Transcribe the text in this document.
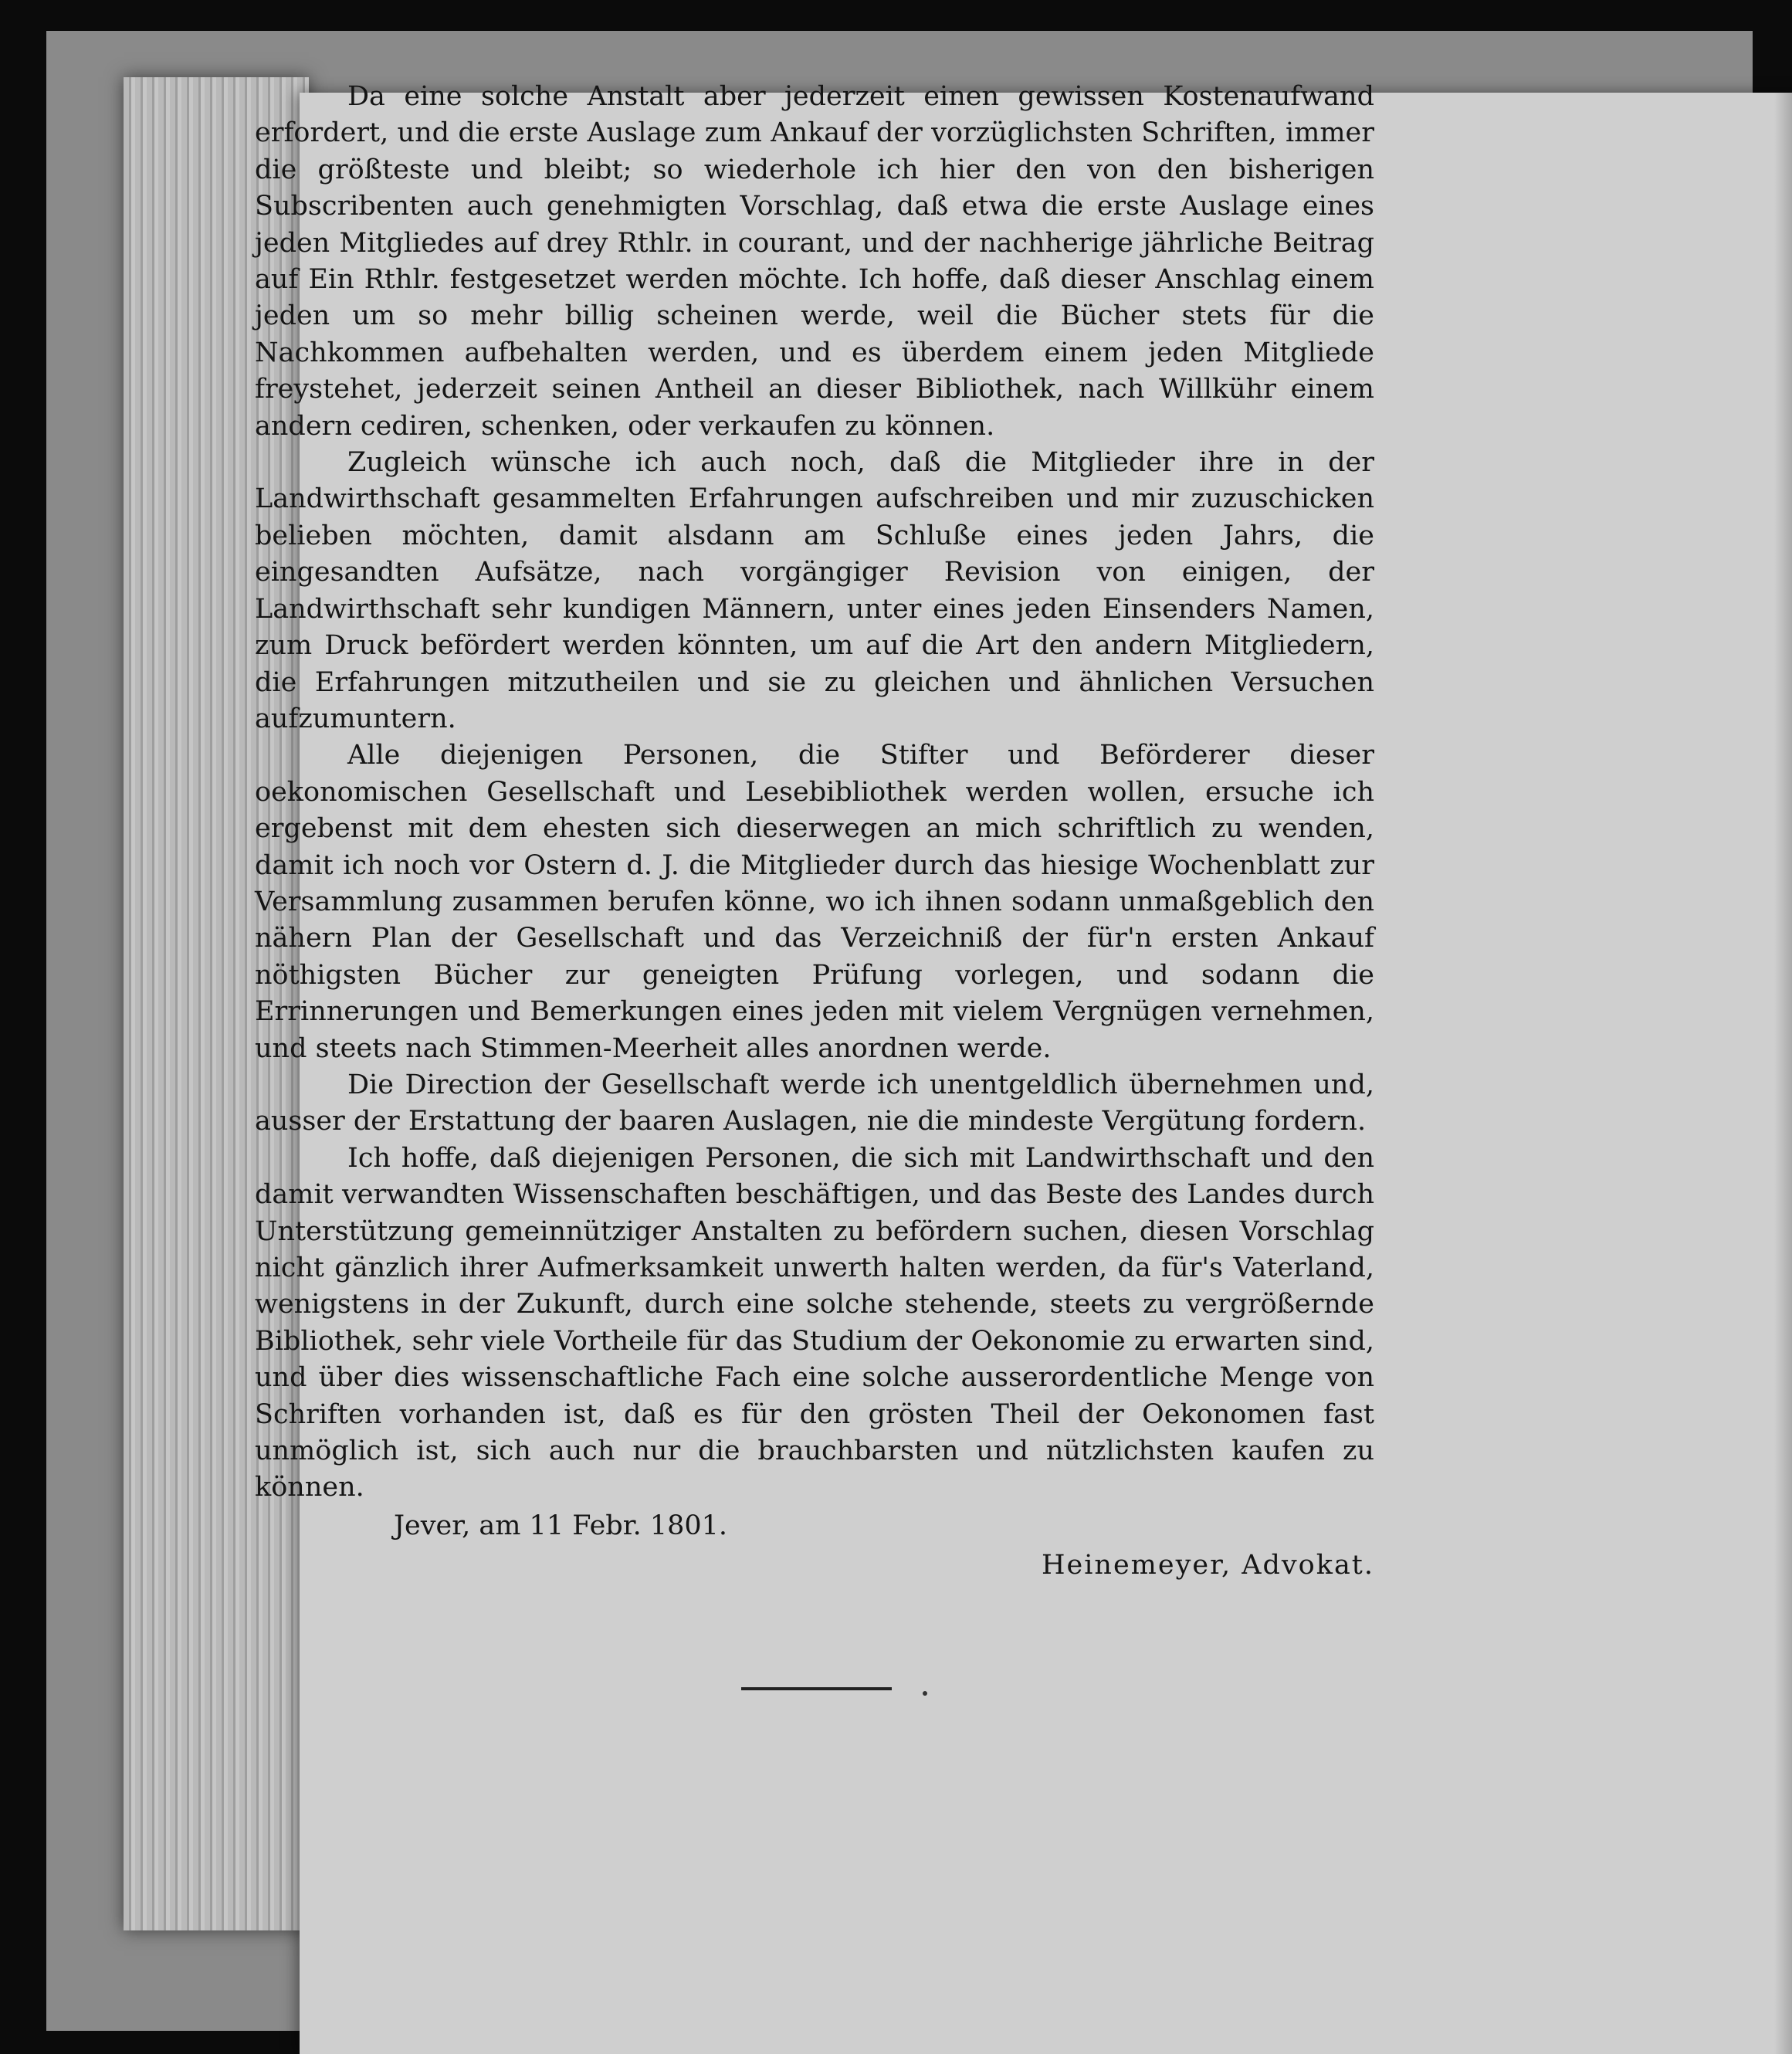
Da eine solche Anstalt aber jederzeit einen gewissen Kostenaufwand erfordert, und die erste Auslage zum Ankauf der vorzüglichsten Schriften, immer die größteste und bleibt; so wiederhole ich hier den von den bisherigen Subscribenten auch genehmigten Vorschlag, daß etwa die erste Auslage eines jeden Mitgliedes auf drey Rthlr. in courant, und der nachherige jährliche Beitrag auf Ein Rthlr. festgesetzet werden möchte. Ich hoffe, daß dieser Anschlag einem jeden um so mehr billig scheinen werde, weil die Bücher stets für die Nachkommen aufbehalten werden, und es überdem einem jeden Mitgliede freystehet, jederzeit seinen Antheil an dieser Bibliothek, nach Willkühr einem andern cediren, schenken, oder verkaufen zu können.

Zugleich wünsche ich auch noch, daß die Mitglieder ihre in der Landwirthschaft gesammelten Erfahrungen aufschreiben und mir zuzuschicken belieben möchten, damit alsdann am Schluße eines jeden Jahrs, die eingesandten Aufsätze, nach vorgängiger Revision von einigen, der Landwirthschaft sehr kundigen Männern, unter eines jeden Einsenders Namen, zum Druck befördert werden könnten, um auf die Art den andern Mitgliedern, die Erfahrungen mitzutheilen und sie zu gleichen und ähnlichen Versuchen aufzumuntern.

Alle diejenigen Personen, die Stifter und Beförderer dieser oekonomischen Gesellschaft und Lesebibliothek werden wollen, ersuche ich ergebenst mit dem ehesten sich dieserwegen an mich schriftlich zu wenden, damit ich noch vor Ostern d. J. die Mitglieder durch das hiesige Wochenblatt zur Versammlung zusammen berufen könne, wo ich ihnen sodann unmaßgeblich den nähern Plan der Gesellschaft und das Verzeichniß der für'n ersten Ankauf nöthigsten Bücher zur geneigten Prüfung vorlegen, und sodann die Errinnerungen und Bemerkungen eines jeden mit vielem Vergnügen vernehmen, und steets nach Stimmen-Meerheit alles anordnen werde.

Die Direction der Gesellschaft werde ich unentgeldlich übernehmen und, ausser der Erstattung der baaren Auslagen, nie die mindeste Vergütung fordern.

Ich hoffe, daß diejenigen Personen, die sich mit Landwirthschaft und den damit verwandten Wissenschaften beschäftigen, und das Beste des Landes durch Unterstützung gemeinnütziger Anstalten zu befördern suchen, diesen Vorschlag nicht gänzlich ihrer Aufmerksamkeit unwerth halten werden, da für's Vaterland, wenigstens in der Zukunft, durch eine solche stehende, steets zu vergrößernde Bibliothek, sehr viele Vortheile für das Studium der Oekonomie zu erwarten sind, und über dies wissenschaftliche Fach eine solche ausserordentliche Menge von Schriften vorhanden ist, daß es für den grösten Theil der Oekonomen fast unmöglich ist, sich auch nur die brauchbarsten und nützlichsten kaufen zu können.

Jever, am 11 Febr. 1801.

Heinemeyer, Advokat.
